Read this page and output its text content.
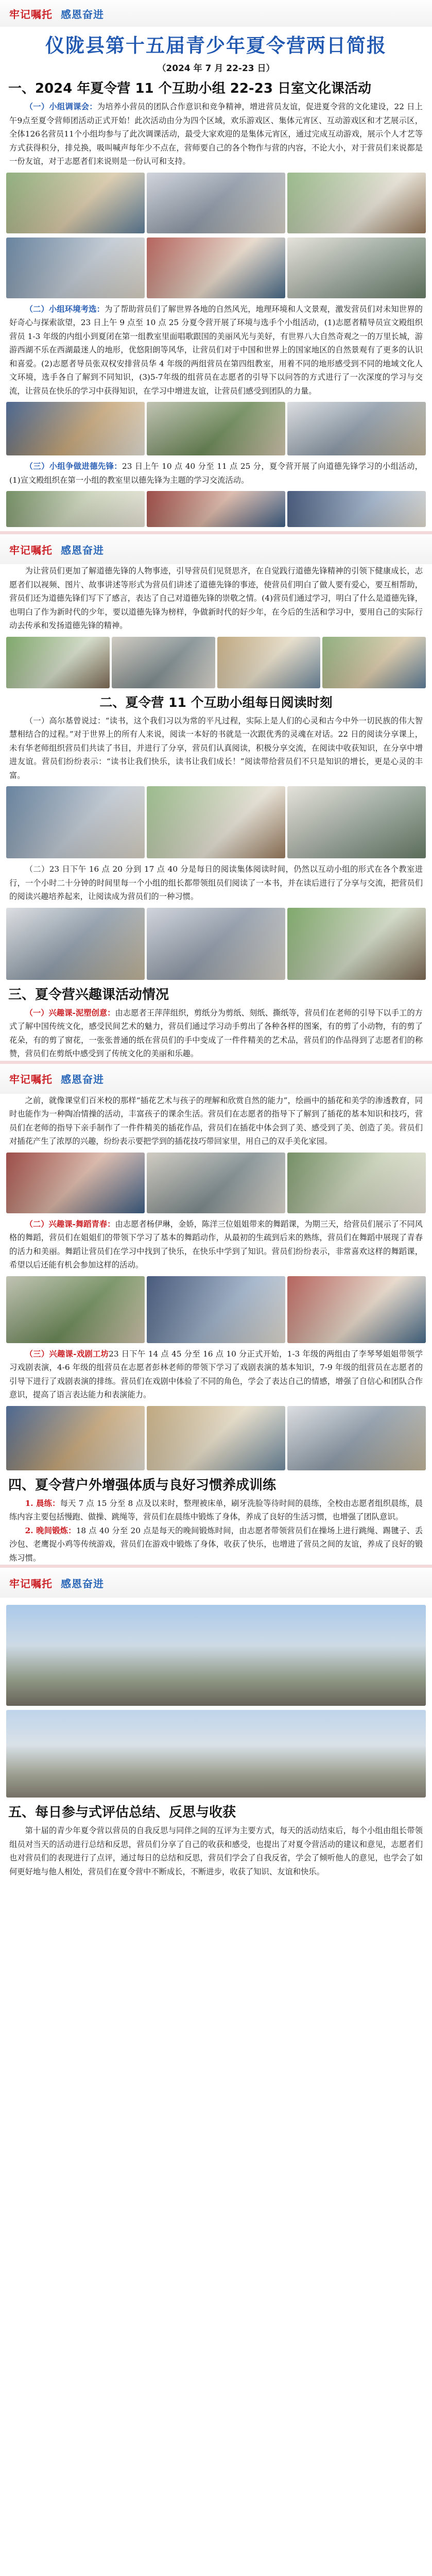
牢记嘱托 感恩奋进
仪陇县第十五届青少年夏令营两日简报
（2024 年 7 月 22-23 日）
一、2024 年夏令营 11 个互助小组 22-23 日室文化课活动

（一）小组调课会：为培养小营员的团队合作意识和竞争精神，增进营员友谊，促进夏令营的文化建设，22 日上午9点至夏令营师团活动正式开始！此次活动由分为四个区域，欢乐游戏区、集体元宵区、互动游戏区和才艺展示区，全体126名营员11个小组均参与了此次调课活动，最受大家欢迎的是集体元宵区，通过完成互动游戏，展示个人才艺等方式获得积分，排兑换，吸叫喊声每年少不点在，营师要自己的各个物作与营的内容，不论大小，对于营员们来说都是一份友谊，对于志愿者们来说则是一份认可和支持。

（二）小组环境考选：为了帮助营员们了解世界各地的自然风光，地理环境和人文景观，激发营员们对未知世界的好奇心与探索欲望，23 日上午 9 点至 10 点 25 分夏令营开展了环境与选手个小组活动，(1)志愿者精导员宣文殿组织营员 1-3 年级的内组小到夏闭在第一组教室里面唱歌跟国的美丽风光与美好，有世界八大自然奇观之一的万里长城，游游西湖不乐在西湖最迷人的地形，优悠阳朗等风华，让营员们对于中国和世界上的国家地区的自然景观有了更多的认识和喜爱。(2)志愿者导员张双权安排营员华 4 年级的两组营员在第四组教室，用着不同的地形感受到不同的地域文化人文环境，选手各自了解到不同知识，(3)5-7年级的组营员在志愿者的引导下以问答的方式进行了一次深度的学习与交流，让营员在快乐的学习中获得知识，在学习中增进友谊，让营员们感受到团队的力量。

（三）小组争做进德先锋：23 日上午 10 点 40 分至 11 点 25 分，夏令营开展了向道德先锋学习的小组活动，(1)宣文殿组织在第一小组的教室里以德先锋为主题的学习交流活动。

牢记嘱托 感恩奋进

为让营员们更加了解道德先锋的人物事迹，引导营员们见贤思齐，在自觉践行道德先锋精神的引领下健康成长，志愿者们以视频、图片、故事讲述等形式为营员们讲述了道德先锋的事迹，使营员们明白了做人要有爱心，要互相帮助，营员们还为道德先锋们写下了感言，表达了自己对道德先锋的崇敬之情。(4)营员们通过学习，明白了什么是道德先锋，也明白了作为新时代的少年，要以道德先锋为榜样，争做新时代的好少年，在今后的生活和学习中，要用自己的实际行动去传承和发扬道德先锋的精神。

二、夏令营 11 个互助小组每日阅读时刻

（一）高尔基曾说过：“读书，这个我们习以为常的平凡过程，实际上是人们的心灵和古今中外一切民族的伟大智慧相结合的过程。”对于世界上的所有人来说，阅读一本好的书就是一次跟优秀的灵魂在对话。22 日的阅读分享课上，未有华老师组织营员们共读了书目，并进行了分享，营员们认真阅读，积极分享交流，在阅读中收获知识，在分享中增进友谊。营员们纷纷表示：“读书让我们快乐，读书让我们成长！”阅读带给营员们不只是知识的增长，更是心灵的丰富。

（二）23 日下午 16 点 20 分到 17 点 40 分是每日的阅读集体阅读时间，仍然以互动小组的形式在各个教室进行，一个小时二十分钟的时间里每一个小组的组长都带领组员们阅读了一本书，并在读后进行了分享与交流，把营员们的阅读兴趣培养起来，让阅读成为营员们的一种习惯。

三、夏令营兴趣课活动情况

（一）兴趣课-泥塑创意：由志愿者王萍萍组织，剪纸分为剪纸、刻纸、撕纸等，营员们在老师的引导下以手工的方式了解中国传统文化，感受民间艺术的魅力，营员们通过学习动手剪出了各种各样的图案，有的剪了小动物，有的剪了花朵，有的剪了窗花，一张张普通的纸在营员们的手中变成了一件件精美的艺术品，营员们的作品得到了志愿者们的称赞，营员们在剪纸中感受到了传统文化的美丽和乐趣。

牢记嘱托 感恩奋进

之前，就像课堂们百米校的那样“插花艺术与孩子的理解和欣赏自然的能力”，绘画中的插花和美学的渗透教育，同时也能作为一种陶冶情操的活动，丰富孩子的课余生活。营员们在志愿者的指导下了解到了插花的基本知识和技巧，营员们在老师的指导下亲手制作了一件件精美的插花作品，营员们在插花中体会到了美、感受到了美、创造了美。营员们对插花产生了浓厚的兴趣，纷纷表示要把学到的插花技巧带回家里，用自己的双手美化家园。

（二）兴趣课-舞蹈青春：由志愿者杨伊琳，金娇，陈洋三位姐姐带来的舞蹈课，为期三天，给营员们展示了不同风格的舞蹈，营员们在姐姐们的带领下学习了基本的舞蹈动作，从最初的生疏到后来的熟练，营员们在舞蹈中展现了青春的活力和美丽。舞蹈让营员们在学习中找到了快乐，在快乐中学到了知识。营员们纷纷表示，非常喜欢这样的舞蹈课，希望以后还能有机会参加这样的活动。

（三）兴趣课-戏剧工坊23 日下午 14 点 45 分至 16 点 10 分正式开始，1-3 年级的两组由了李琴琴姐姐带领学习戏剧表演，4-6 年级的组营员在志愿者彭林老师的带领下学习了戏剧表演的基本知识，7-9 年级的组营员在志愿者的引导下进行了戏剧表演的排练。营员们在戏剧中体验了不同的角色，学会了表达自己的情感，增强了自信心和团队合作意识，提高了语言表达能力和表演能力。

四、夏令营户外增强体质与良好习惯养成训练

1. 晨练：每天 7 点 15 分至 8 点及以来时，整理被床单，刷牙洗脸等待时间的晨练，全校由志愿者组织晨练，晨练内容主要包括慢跑、做操、跳绳等，营员们在晨练中锻炼了身体，养成了良好的生活习惯，也增强了团队意识。

2. 晚间锻炼：18 点 40 分至 20 点是每天的晚间锻炼时间，由志愿者带领营员们在操场上进行跳绳、踢毽子、丢沙包、老鹰捉小鸡等传统游戏，营员们在游戏中锻炼了身体，收获了快乐，也增进了营员之间的友谊，养成了良好的锻炼习惯。

牢记嘱托 感恩奋进
五、每日参与式评估总结、反思与收获

第十届的青少年夏令营以营员的自我反思与同伴之间的互评为主要方式，每天的活动结束后，每个小组由组长带领组员对当天的活动进行总结和反思，营员们分享了自己的收获和感受，也提出了对夏令营活动的建议和意见，志愿者们也对营员们的表现进行了点评，通过每日的总结和反思，营员们学会了自我反省，学会了倾听他人的意见，也学会了如何更好地与他人相处，营员们在夏令营中不断成长，不断进步，收获了知识、友谊和快乐。
